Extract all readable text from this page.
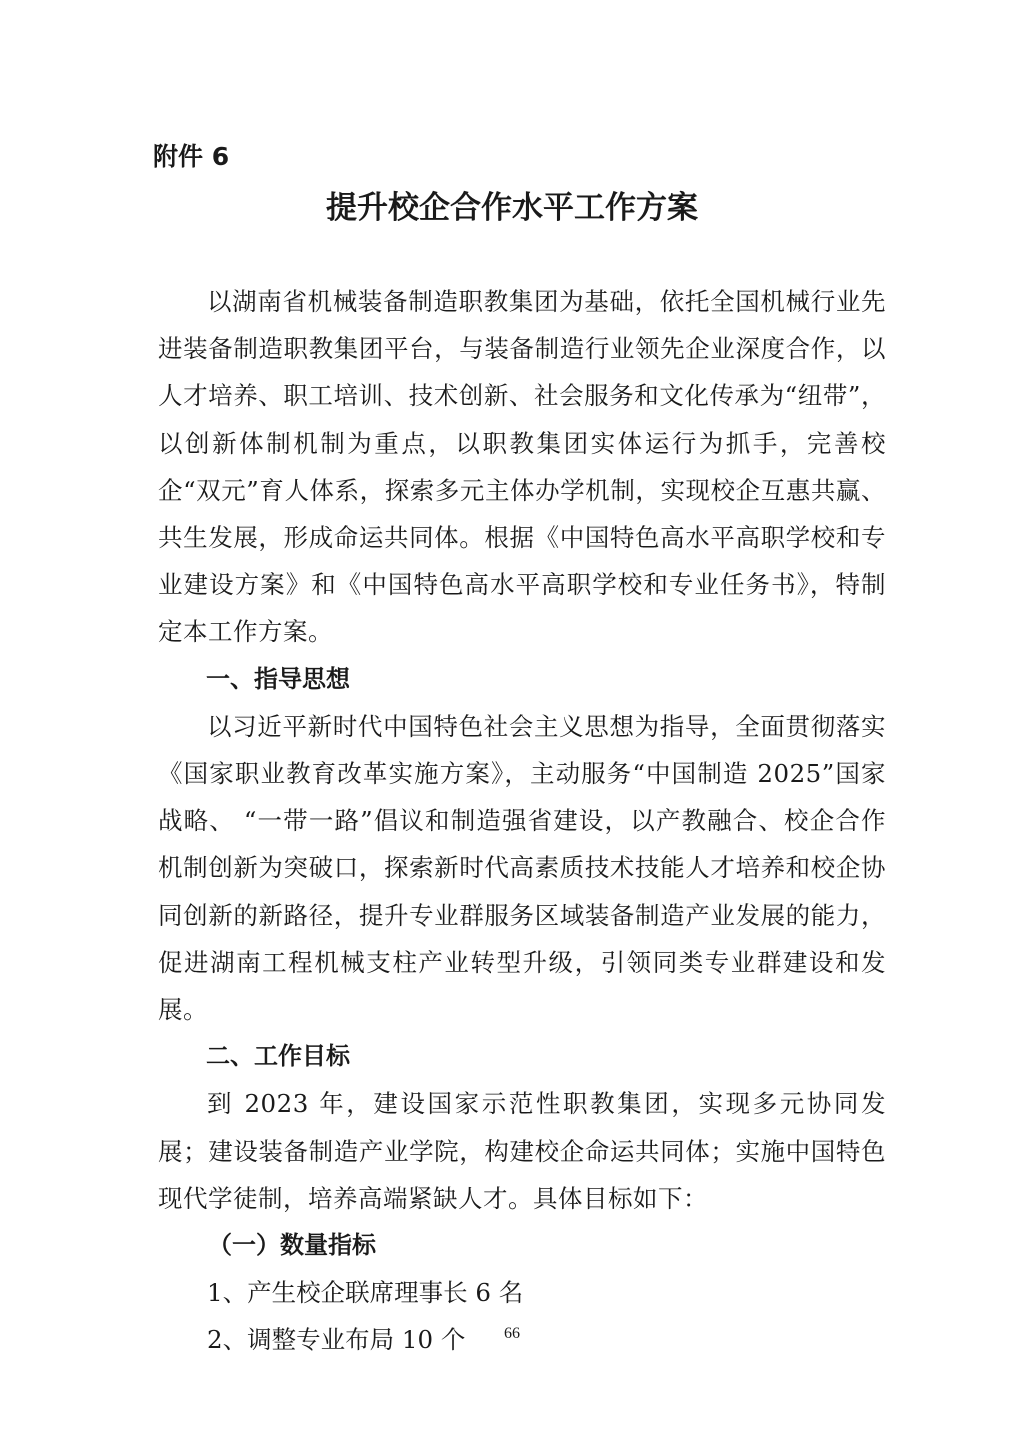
附件 6
提升校企合作水平工作方案

以湖南省机械装备制造职教集团为基础，依托全国机械行业先进装备制造职教集团平台，与装备制造行业领先企业深度合作，以人才培养、职工培训、技术创新、社会服务和文化传承为“纽带”，以创新体制机制为重点，以职教集团实体运行为抓手，完善校企“双元”育人体系，探索多元主体办学机制，实现校企互惠共赢、共生发展，形成命运共同体。根据《中国特色高水平高职学校和专业建设方案》和《中国特色高水平高职学校和专业任务书》，特制定本工作方案。

一、指导思想

以习近平新时代中国特色社会主义思想为指导，全面贯彻落实《国家职业教育改革实施方案》，主动服务“中国制造 2025”国家战略、 “一带一路”倡议和制造强省建设，以产教融合、校企合作机制创新为突破口，探索新时代高素质技术技能人才培养和校企协同创新的新路径，提升专业群服务区域装备制造产业发展的能力，促进湖南工程机械支柱产业转型升级，引领同类专业群建设和发展。

二、工作目标

到 2023 年，建设国家示范性职教集团，实现多元协同发展；建设装备制造产业学院，构建校企命运共同体；实施中国特色现代学徒制，培养高端紧缺人才。具体目标如下：

（一）数量指标

1、产生校企联席理事长 6 名

2、调整专业布局 10 个	66
